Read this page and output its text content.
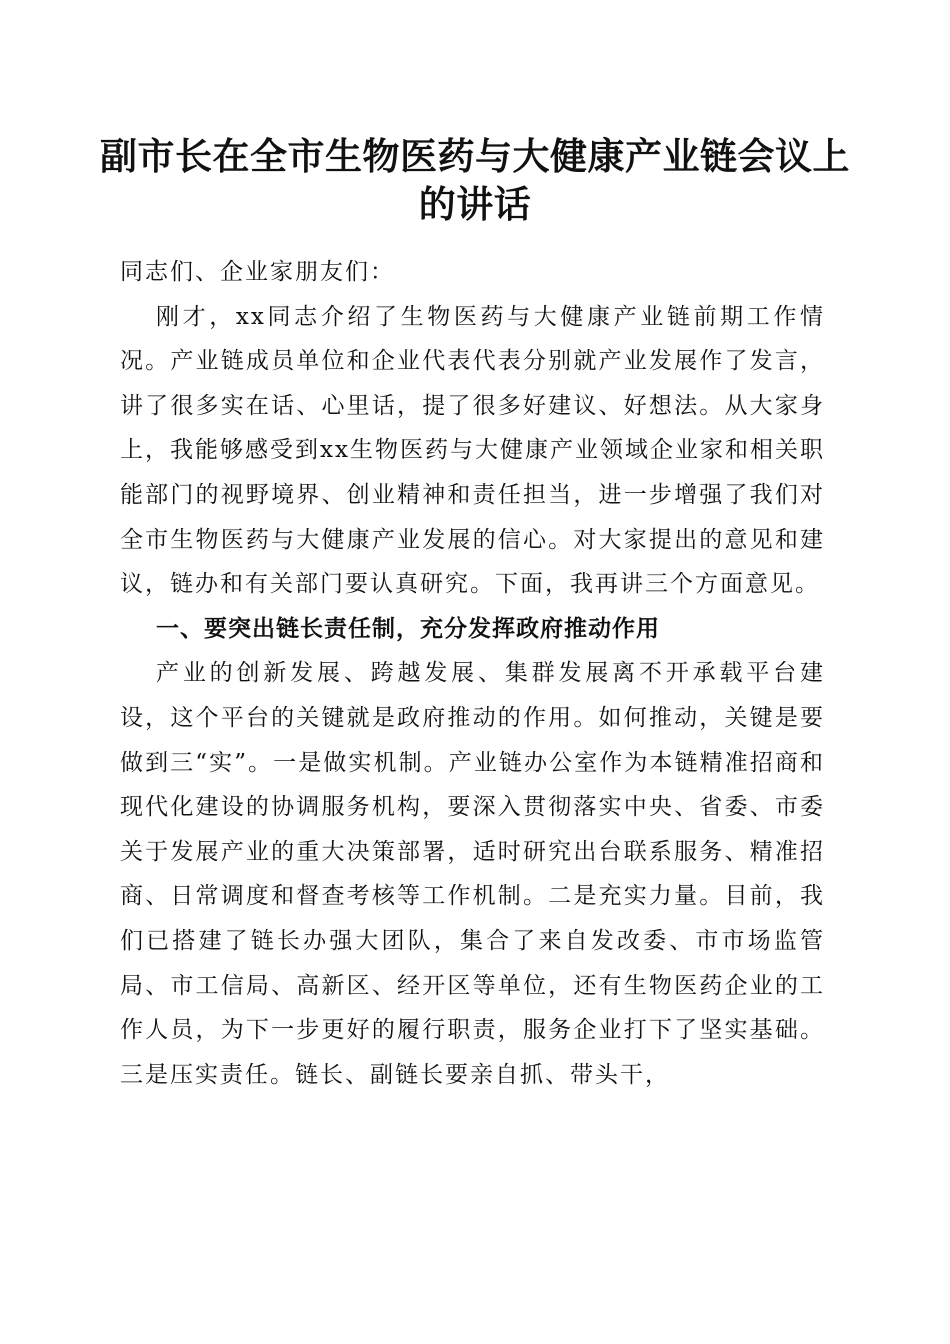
副市长在全市生物医药与大健康产业链会议上的讲话

同志们、企业家朋友们：

刚才，xx同志介绍了生物医药与大健康产业链前期工作情况。产业链成员单位和企业代表代表分别就产业发展作了发言，讲了很多实在话、心里话，提了很多好建议、好想法。从大家身上，我能够感受到xx生物医药与大健康产业领域企业家和相关职能部门的视野境界、创业精神和责任担当，进一步增强了我们对全市生物医药与大健康产业发展的信心。对大家提出的意见和建议，链办和有关部门要认真研究。下面，我再讲三个方面意见。

一、要突出链长责任制，充分发挥政府推动作用

产业的创新发展、跨越发展、集群发展离不开承载平台建设，这个平台的关键就是政府推动的作用。如何推动，关键是要做到三“实”。一是做实机制。产业链办公室作为本链精准招商和现代化建设的协调服务机构，要深入贯彻落实中央、省委、市委关于发展产业的重大决策部署，适时研究出台联系服务、精准招商、日常调度和督查考核等工作机制。二是充实力量。目前，我们已搭建了链长办强大团队，集合了来自发改委、市市场监管局、市工信局、高新区、经开区等单位，还有生物医药企业的工作人员，为下一步更好的履行职责，服务企业打下了坚实基础。三是压实责任。链长、副链长要亲自抓、带头干，
